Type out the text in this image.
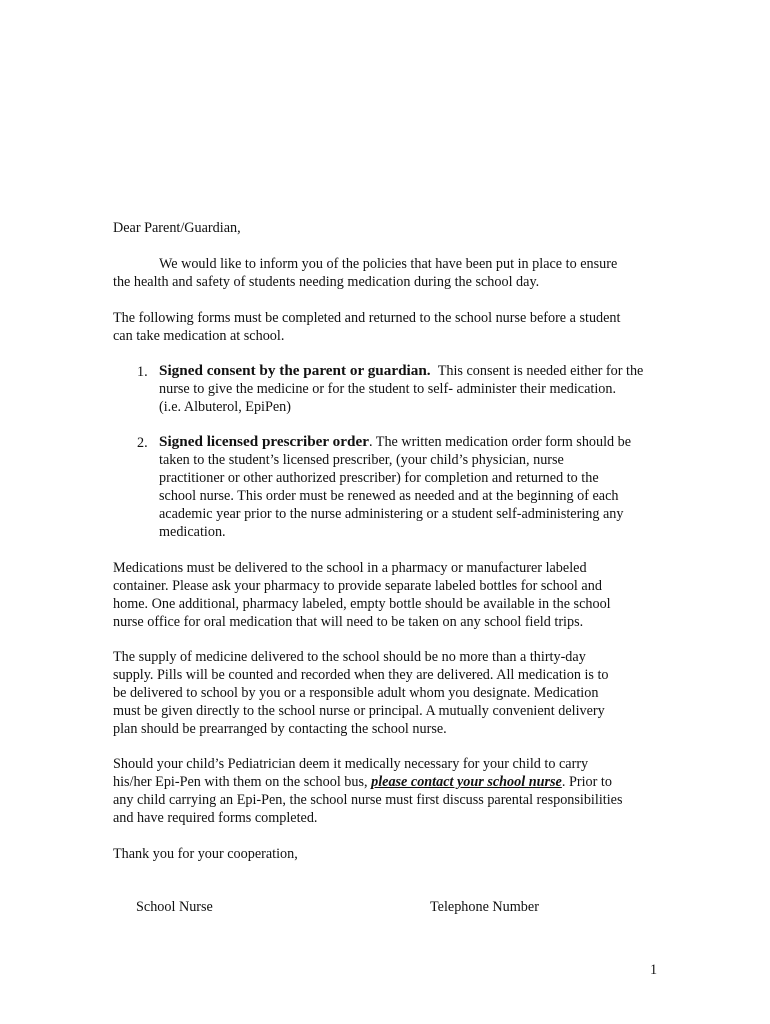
Dear Parent/Guardian,
We would like to inform you of the policies that have been put in place to ensure
the health and safety of students needing medication during the school day.
The following forms must be completed and returned to the school nurse before a student
can take medication at school.
1. Signed consent by the parent or guardian. This consent is needed either for the
nurse to give the medicine or for the student to self- administer their medication.
(i.e. Albuterol, EpiPen)
2. Signed licensed prescriber order. The written medication order form should be
taken to the student’s licensed prescriber, (your child’s physician, nurse
practitioner or other authorized prescriber) for completion and returned to the
school nurse. This order must be renewed as needed and at the beginning of each
academic year prior to the nurse administering or a student self-administering any
medication.
Medications must be delivered to the school in a pharmacy or manufacturer labeled
container. Please ask your pharmacy to provide separate labeled bottles for school and
home. One additional, pharmacy labeled, empty bottle should be available in the school
nurse office for oral medication that will need to be taken on any school field trips.
The supply of medicine delivered to the school should be no more than a thirty-day
supply. Pills will be counted and recorded when they are delivered. All medication is to
be delivered to school by you or a responsible adult whom you designate. Medication
must be given directly to the school nurse or principal. A mutually convenient delivery
plan should be prearranged by contacting the school nurse.
Should your child’s Pediatrician deem it medically necessary for your child to carry
his/her Epi-Pen with them on the school bus, please contact your school nurse. Prior to
any child carrying an Epi-Pen, the school nurse must first discuss parental responsibilities
and have required forms completed.
Thank you for your cooperation,
School Nurse	Telephone Number
1
